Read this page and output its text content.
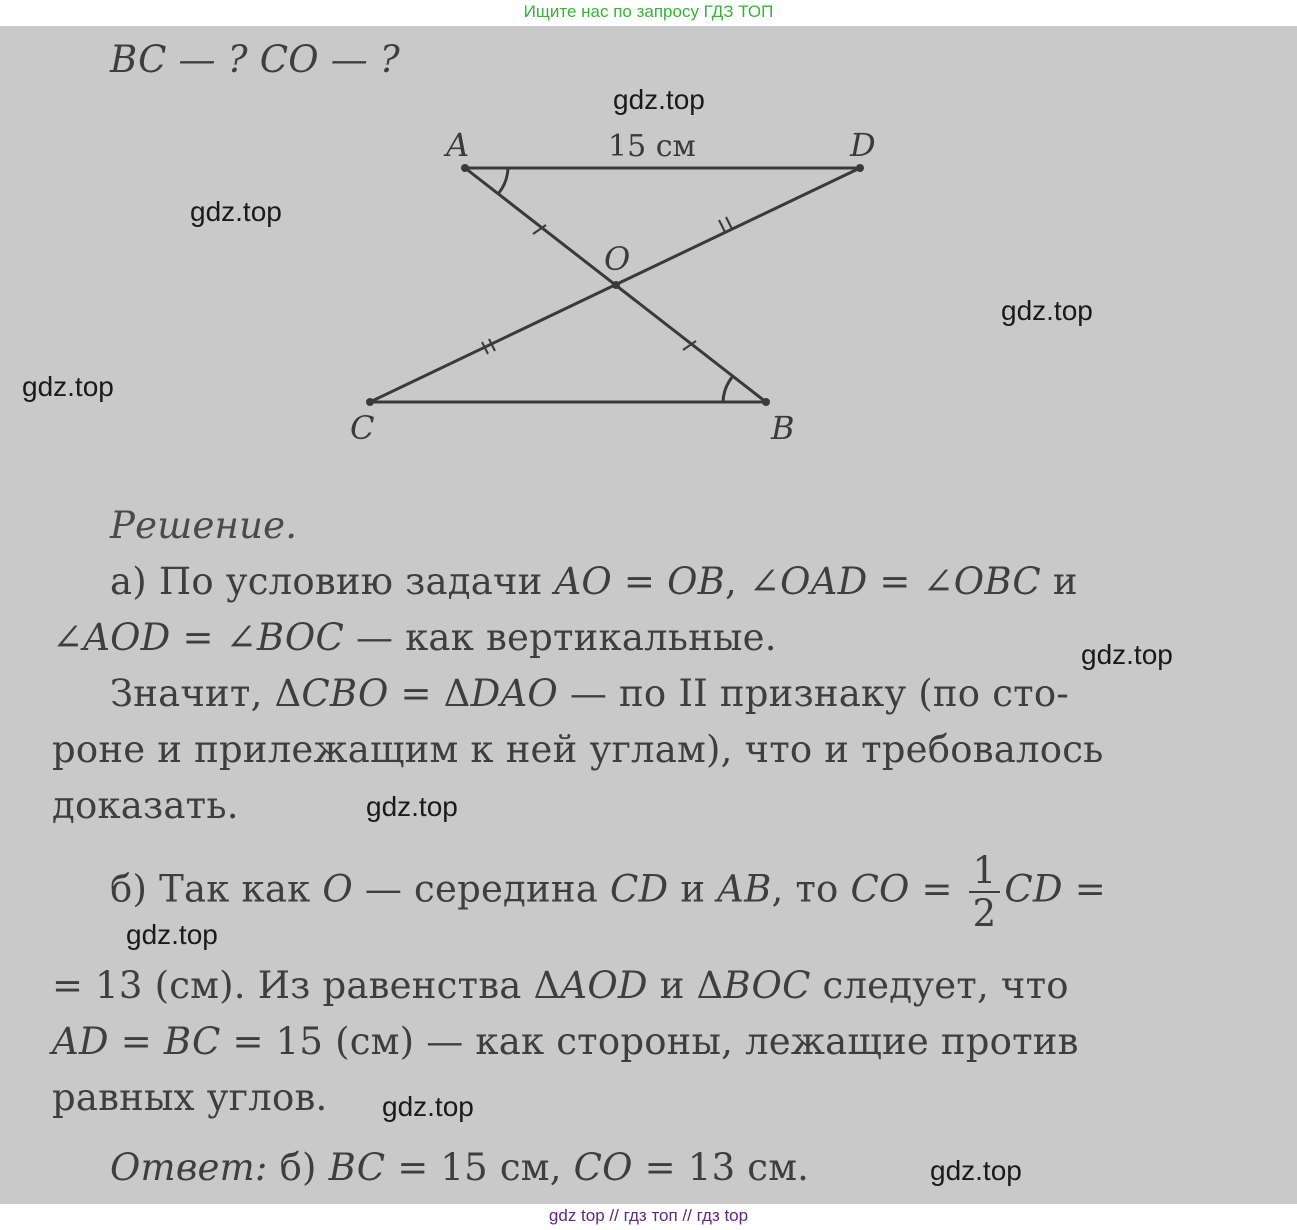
Ищите нас по запросу ГДЗ ТОП
BC — ? CO — ?
A	D
O
C	B
15 см
Решение.
а) По условию задачи AO = OB, ∠OAD = ∠OBC и
∠AOD = ∠BOC — как вертикальные.
Значит, ΔCBO = ΔDAO — по II признаку (по сто-
роне и прилежащим к ней углам), что и требовалось
доказать.
б) Так как O — середина CD и AB, то CO = $\frac{1}{2}$ CD =
= 13 (см). Из равенства ΔAOD и ΔBOC следует, что
AD = BC = 15 (см) — как стороны, лежащие против
равных углов.
Ответ: б) BC = 15 см, CO = 13 см.
gdz.top
gdz.top
gdz.top
gdz.top
gdz.top
gdz.top
gdz.top
gdz.top
gdz.top
gdz top // гдз топ // гдз top
